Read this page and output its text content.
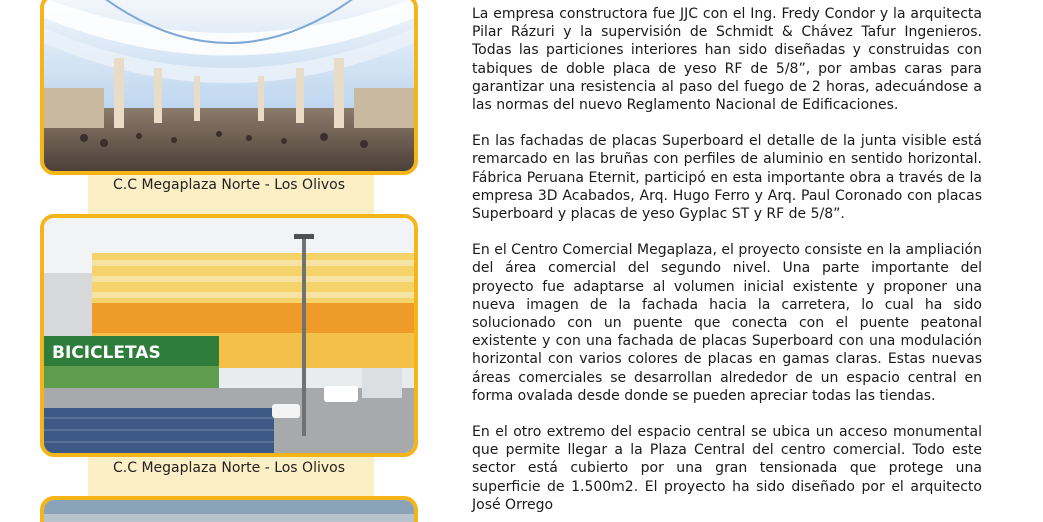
C.C Megaplaza Norte - Los Olivos
BICICLETAS
C.C Megaplaza Norte - Los Olivos

La empresa constructora fue JJC con el Ing. Fredy Condor y la arquitecta Pilar Rázuri y la supervisión de Schmidt & Chávez Tafur Ingenieros. Todas las particiones interiores han sido diseñadas y construidas con tabiques de doble placa de yeso RF de 5/8”, por ambas caras para garantizar una resistencia al paso del fuego de 2 horas, adecuándose a las normas del nuevo Reglamento Nacional de Edificaciones.

En las fachadas de placas Superboard el detalle de la junta visible está remarcado en las bruñas con perfiles de aluminio en sentido horizontal. Fábrica Peruana Eternit, participó en esta importante obra a través de la empresa 3D Acabados, Arq. Hugo Ferro y Arq. Paul Coronado con placas Superboard y placas de yeso Gyplac ST y RF de 5/8”.

En el Centro Comercial Megaplaza, el proyecto consiste en la ampliación del área comercial del segundo nivel. Una parte importante del proyecto fue adaptarse al volumen inicial existente y proponer una nueva imagen de la fachada hacia la carretera, lo cual ha sido solucionado con un puente que conecta con el puente peatonal existente y con una fachada de placas Superboard con una modulación horizontal con varios colores de placas en gamas claras. Estas nuevas áreas comerciales se desarrollan alrededor de un espacio central en forma ovalada desde donde se pueden apreciar todas las tiendas.

En el otro extremo del espacio central se ubica un acceso monumental que permite llegar a la Plaza Central del centro comercial. Todo este sector está cubierto por una gran tensionada que protege una superficie de 1.500m2. El proyecto ha sido diseñado por el arquitecto José Orrego
